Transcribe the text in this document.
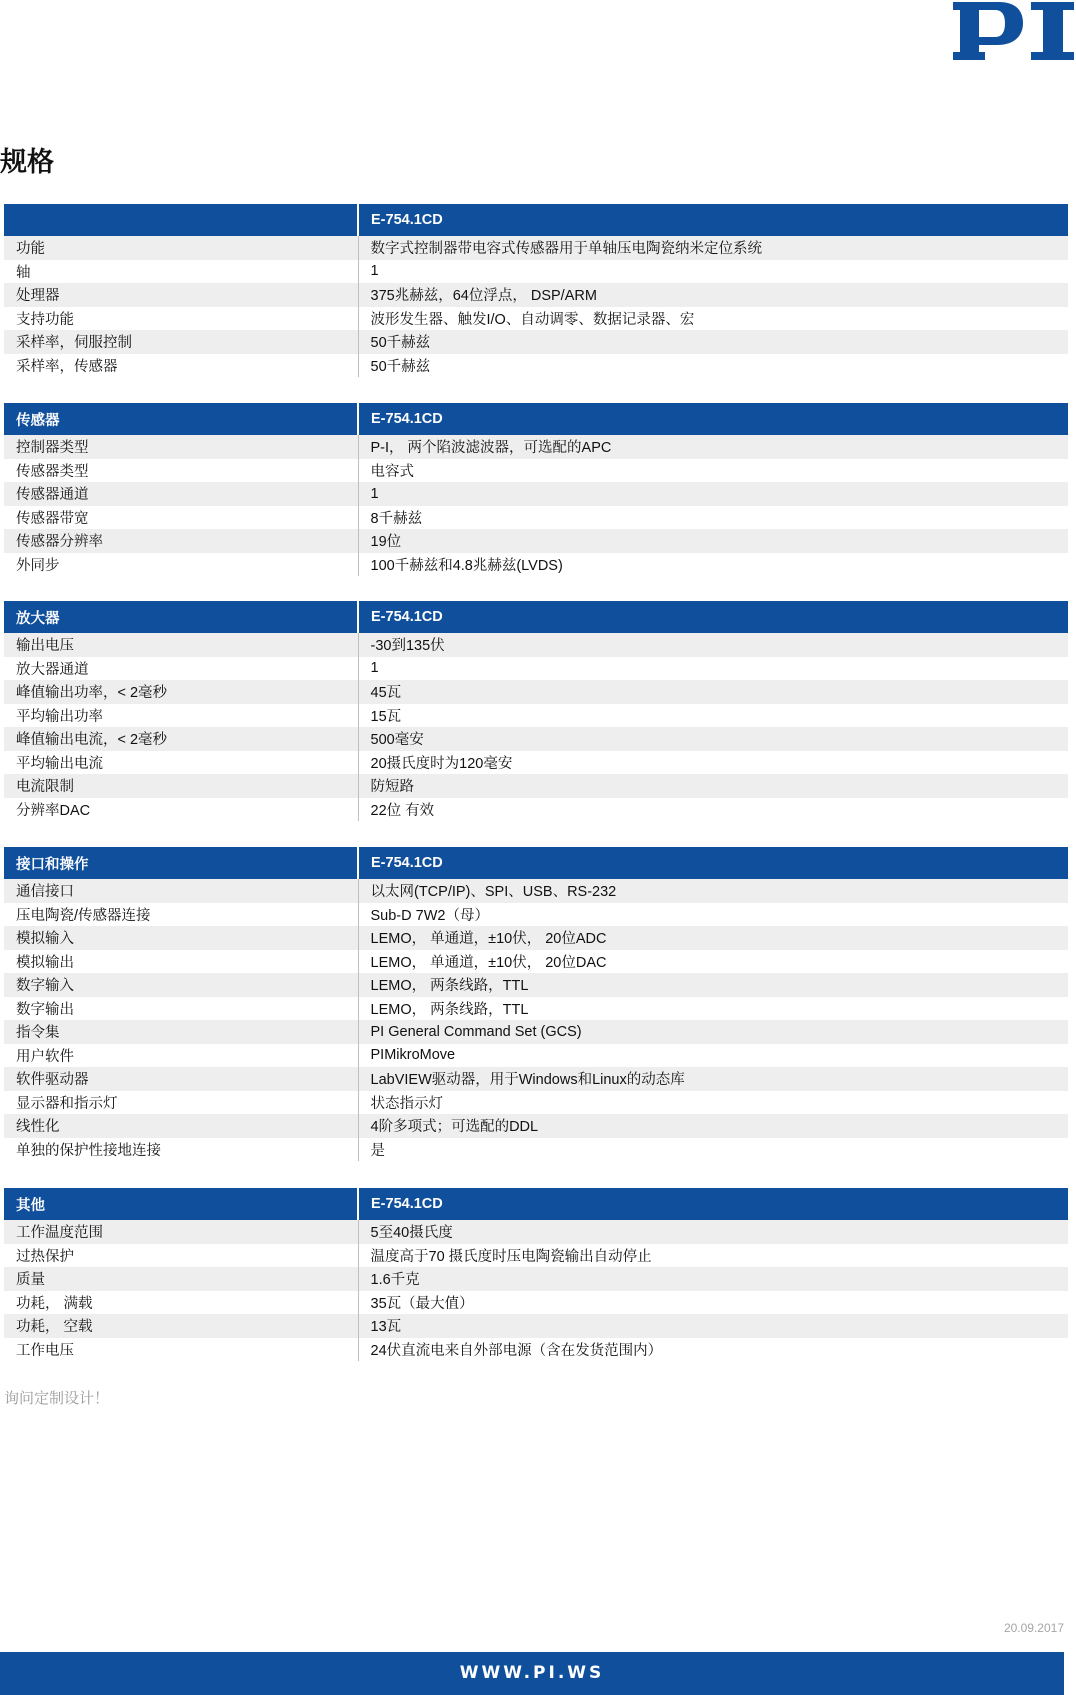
规格
	E-754.1CD
功能	数字式控制器带电容式传感器用于单轴压电陶瓷纳米定位系统
轴	1
处理器	375兆赫兹，64位浮点， DSP/ARM
支持功能	波形发生器、触发I/O、自动调零、数据记录器、宏
采样率，伺服控制	50千赫兹
采样率，传感器	50千赫兹
传感器	E-754.1CD
控制器类型	P-I， 两个陷波滤波器，可选配的APC
传感器类型	电容式
传感器通道	1
传感器带宽	8千赫兹
传感器分辨率	19位
外同步	100千赫兹和4.8兆赫兹(LVDS)
放大器	E-754.1CD
输出电压	-30到135伏
放大器通道	1
峰值输出功率，< 2毫秒	45瓦
平均输出功率	15瓦
峰值输出电流，< 2毫秒	500毫安
平均输出电流	20摄氏度时为120毫安
电流限制	防短路
分辨率DAC	22位 有效
接口和操作	E-754.1CD
通信接口	以太网(TCP/IP)、SPI、USB、RS-232
压电陶瓷/传感器连接	Sub-D 7W2（母）
模拟输入	LEMO， 单通道，±10伏， 20位ADC
模拟输出	LEMO， 单通道，±10伏， 20位DAC
数字输入	LEMO， 两条线路，TTL
数字输出	LEMO， 两条线路，TTL
指令集	PI General Command Set (GCS)
用户软件	PIMikroMove
软件驱动器	LabVIEW驱动器，用于Windows和Linux的动态库
显示器和指示灯	状态指示灯
线性化	4阶多项式；可选配的DDL
单独的保护性接地连接	是
其他	E-754.1CD
工作温度范围	5至40摄氏度
过热保护	温度高于70 摄氏度时压电陶瓷输出自动停止
质量	1.6千克
功耗， 满载	35瓦（最大值）
功耗， 空载	13瓦
工作电压	24伏直流电来自外部电源（含在发货范围内）
询问定制设计！
20.09.2017
WWW.PI.WS
